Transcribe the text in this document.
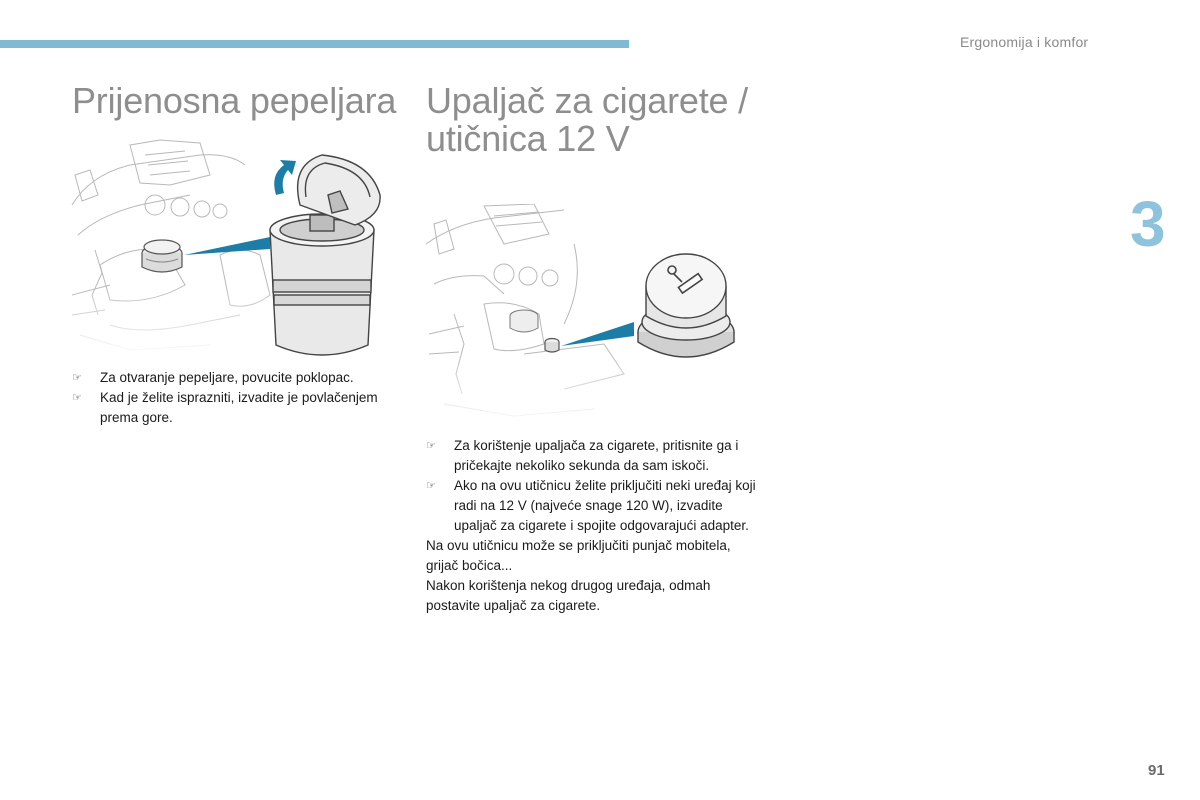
Ergonomija i komfor
3
Prijenosna pepeljara
☞	Za otvaranje pepeljare, povucite poklopac.
☞	Kad je želite isprazniti, izvadite je povlačenjem prema gore.
Upaljač za cigarete / utičnica 12 V
☞	Za korištenje upaljača za cigarete, pritisnite ga i pričekajte nekoliko sekunda da sam iskoči.
☞	Ako na ovu utičnicu želite priključiti neki uređaj koji radi na 12 V (najveće snage 120 W), izvadite upaljač za cigarete i spojite odgovarajući adapter.

Na ovu utičnicu može se priključiti punjač mobitela, grijač bočica...

Nakon korištenja nekog drugog uređaja, odmah postavite upaljač za cigarete.

91
